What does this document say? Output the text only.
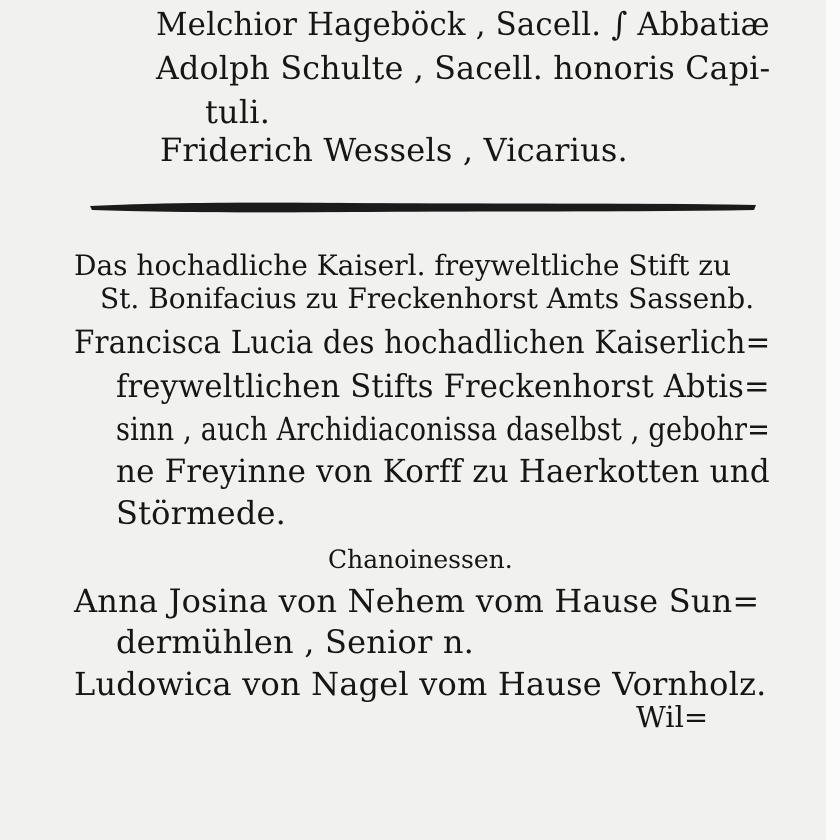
Melchior Hageböck , Sacell. ∫ Abbatiæ
Adolph Schulte , Sacell. honoris Capi-
tuli.
Friderich Wessels , Vicarius.
Das hochadliche Kaiserl. freyweltliche Stift zu
St. Bonifacius zu Freckenhorst Amts Sassenb.
Francisca Lucia des hochadlichen Kaiserlich=
freyweltlichen Stifts Freckenhorst Abtis=
sinn , auch Archidiaconissa daselbst , gebohr=
ne Freyinne von Korff zu Haerkotten und
Störmede.
Chanoinessen.
Anna Josina von Nehem vom Hause Sun=
dermühlen , Senior n.
Ludowica von Nagel vom Hause Vornholz.
Wil=
